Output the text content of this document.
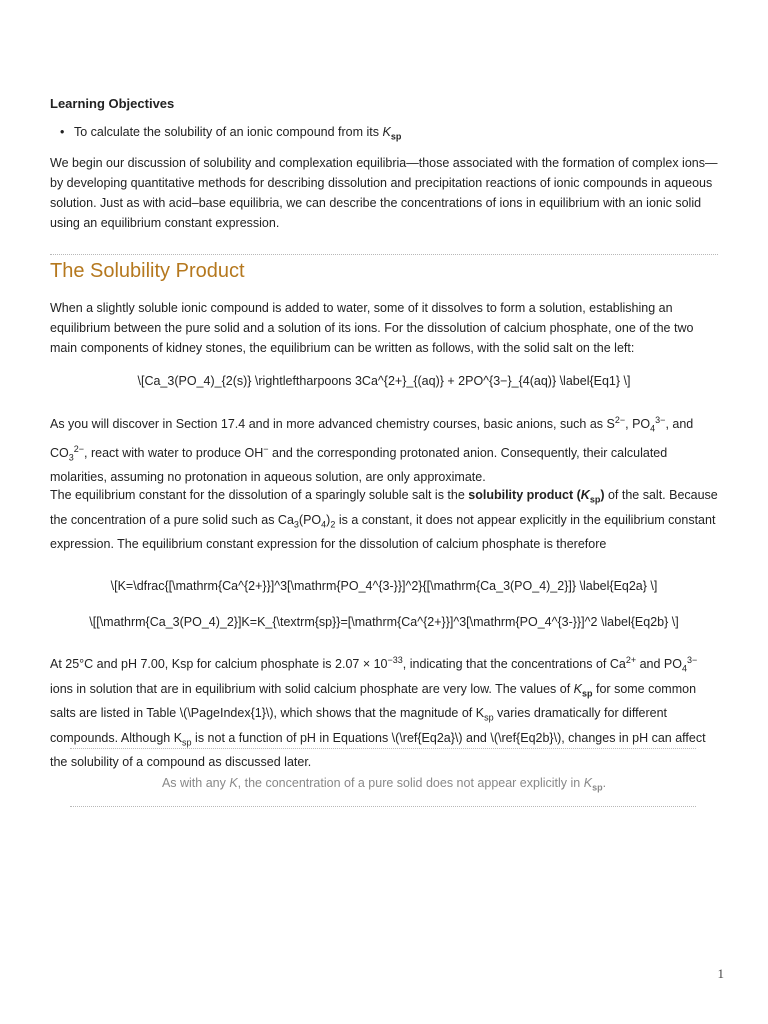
Learning Objectives
• To calculate the solubility of an ionic compound from its $K_{sp}$

We begin our discussion of solubility and complexation equilibria—those associated with the formation of complex ions—by developing quantitative methods for describing dissolution and precipitation reactions of ionic compounds in aqueous solution. Just as with acid–base equilibria, we can describe the concentrations of ions in equilibrium with an ionic solid using an equilibrium constant expression.

The Solubility Product

When a slightly soluble ionic compound is added to water, some of it dissolves to form a solution, establishing an equilibrium between the pure solid and a solution of its ions. For the dissolution of calcium phosphate, one of the two main components of kidney stones, the equilibrium can be written as follows, with the solid salt on the left:

\[Ca_3(PO_4)_{2(s)} \rightleftharpoons 3Ca^{2+}_{(aq)} + 2PO^{3−}_{4(aq)} \label{Eq1} \]

As you will discover in Section 17.4 and in more advanced chemistry courses, basic anions, such as $S^{2-}$, $PO_4^{3-}$, and
$CO_3^{2-}$, react with water to produce OH− and the corresponding protonated anion. Consequently, their calculated molarities, assuming no protonation in aqueous solution, are only approximate.

The equilibrium constant for the dissolution of a sparingly soluble salt is the solubility product $(K_{sp})$ of the salt. Because the concentration of a pure solid such as $Ca_3(PO_4)_2$ is a constant, it does not appear explicitly in the equilibrium constant expression. The equilibrium constant expression for the dissolution of calcium phosphate is therefore

\[K=\dfrac{[\mathrm{Ca^{2+}}]^3[\mathrm{PO_4^{3-}}]^2}{[\mathrm{Ca_3(PO_4)_2}]} \label{Eq2a} \]
\[[\mathrm{Ca_3(PO_4)_2}]K=K_{\textrm{sp}}=[\mathrm{Ca^{2+}}]^3[\mathrm{PO_4^{3-}}]^2 \label{Eq2b} \]

At 25°C and pH 7.00, Ksp for calcium phosphate is $2.07 \times 10^{-33}$, indicating that the concentrations of $Ca^{2+}$ and $PO_4^{3-}$ ions in solution that are in equilibrium with solid calcium phosphate are very low. The values of $K_{sp}$ for some common salts are listed in Table \(\PageIndex{1}\), which shows that the magnitude of $K_{sp}$ varies dramatically for different compounds. Although $K_{sp}$ is not a function of pH in Equations \(\ref{Eq2a}\) and \(\ref{Eq2b}\), changes in pH can affect the solubility of a compound as discussed later.

As with any K, the concentration of a pure solid does not appear explicitly in $K_{sp}$.
1
